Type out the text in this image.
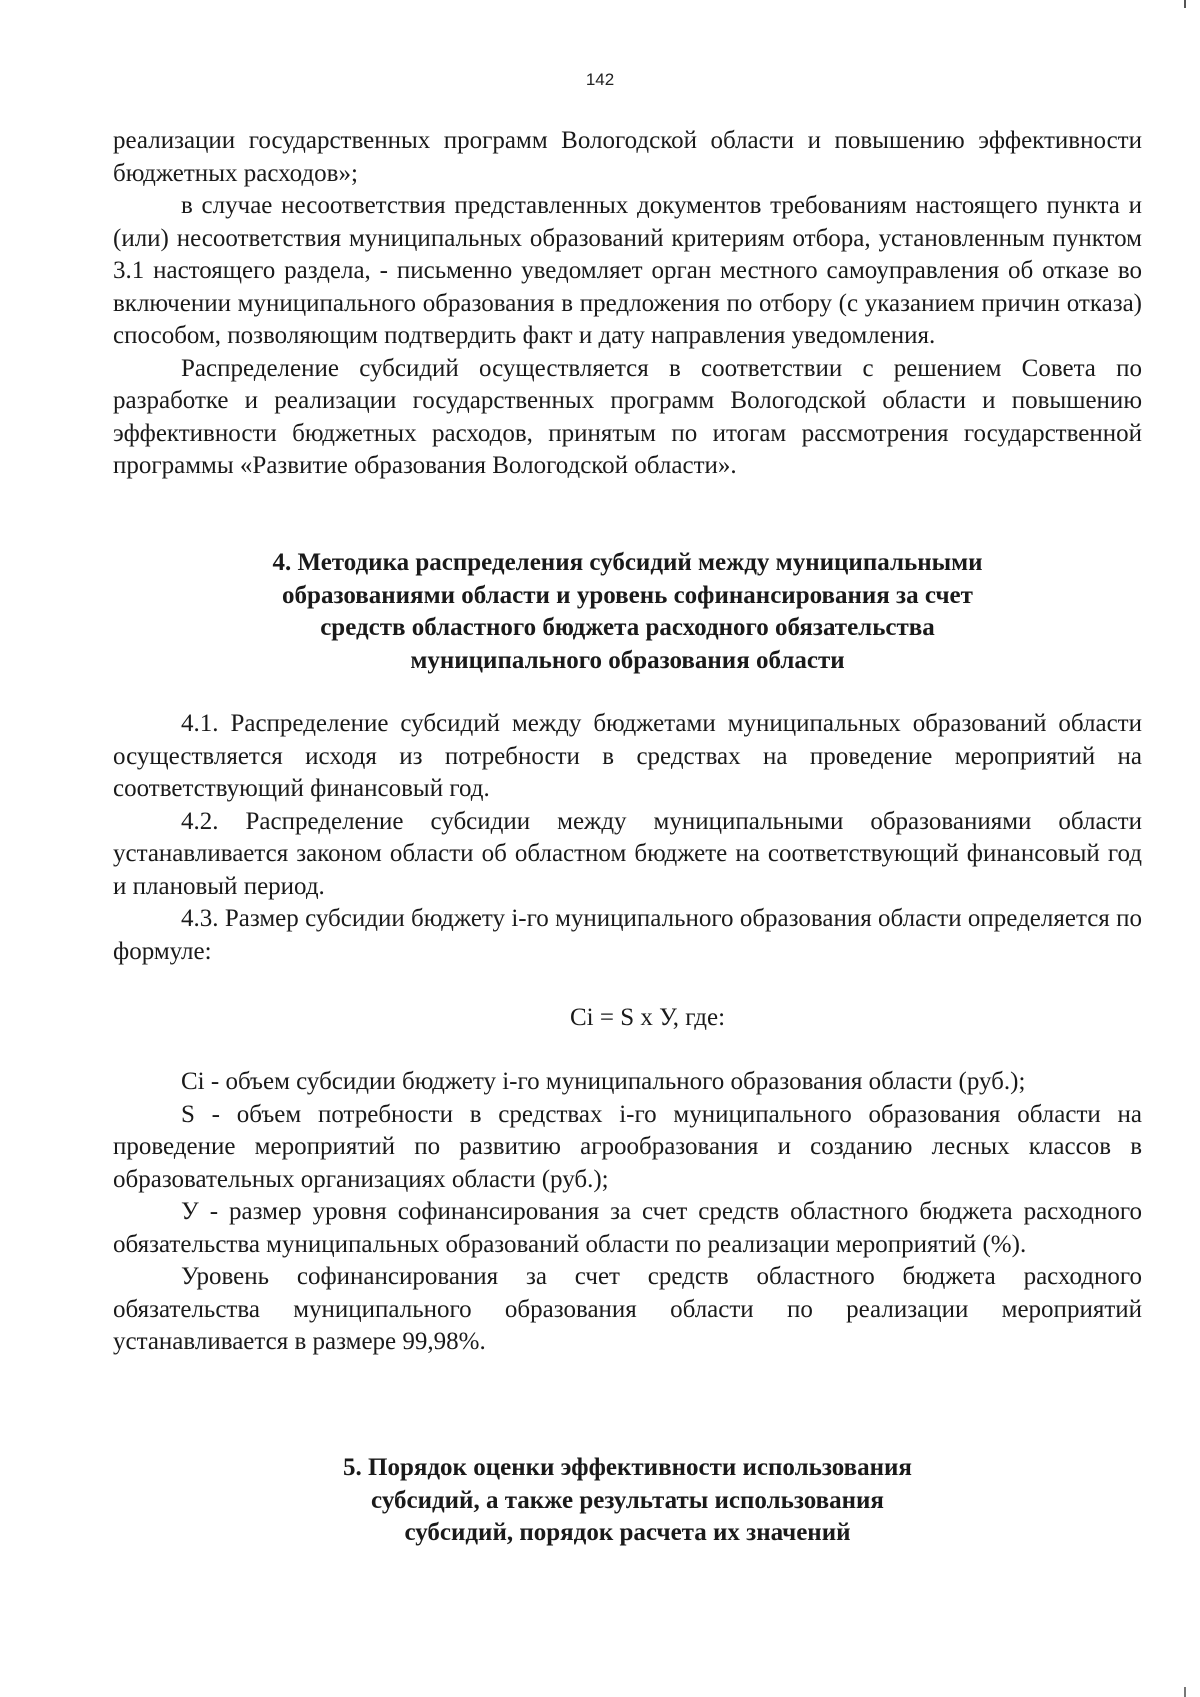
142

реализации государственных программ Вологодской области и повышению эффективности бюджетных расходов»;

в случае несоответствия представленных документов требованиям настоящего пункта и (или) несоответствия муниципальных образований критериям отбора, установленным пунктом 3.1 настоящего раздела, - письменно уведомляет орган местного самоуправления об отказе во включении муниципального образования в предложения по отбору (с указанием причин отказа) способом, позволяющим подтвердить факт и дату направления уведомления.

Распределение субсидий осуществляется в соответствии с решением Совета по разработке и реализации государственных программ Вологодской области и повышению эффективности бюджетных расходов, принятым по итогам рассмотрения государственной программы «Развитие образования Вологодской области».

4. Методика распределения субсидий между муниципальными
образованиями области и уровень софинансирования за счет
средств областного бюджета расходного обязательства
муниципального образования области

4.1. Распределение субсидий между бюджетами муниципальных образований области осуществляется исходя из потребности в средствах на проведение мероприятий на соответствующий финансовый год.

4.2. Распределение субсидии между муниципальными образованиями области устанавливается законом области об областном бюджете на соответствующий финансовый год и плановый период.

4.3. Размер субсидии бюджету i-го муниципального образования области определяется по формуле:

Ci = S x У, где:

Ci - объем субсидии бюджету i-го муниципального образования области (руб.);

S - объем потребности в средствах i-го муниципального образования области на проведение мероприятий по развитию агрообразования и созданию лесных классов в образовательных организациях области (руб.);

У - размер уровня софинансирования за счет средств областного бюджета расходного обязательства муниципальных образований области по реализации мероприятий (%).

Уровень софинансирования за счет средств областного бюджета расходного обязательства муниципального образования области по реализации мероприятий устанавливается в размере 99,98%.

5. Порядок оценки эффективности использования
субсидий, а также результаты использования
субсидий, порядок расчета их значений
